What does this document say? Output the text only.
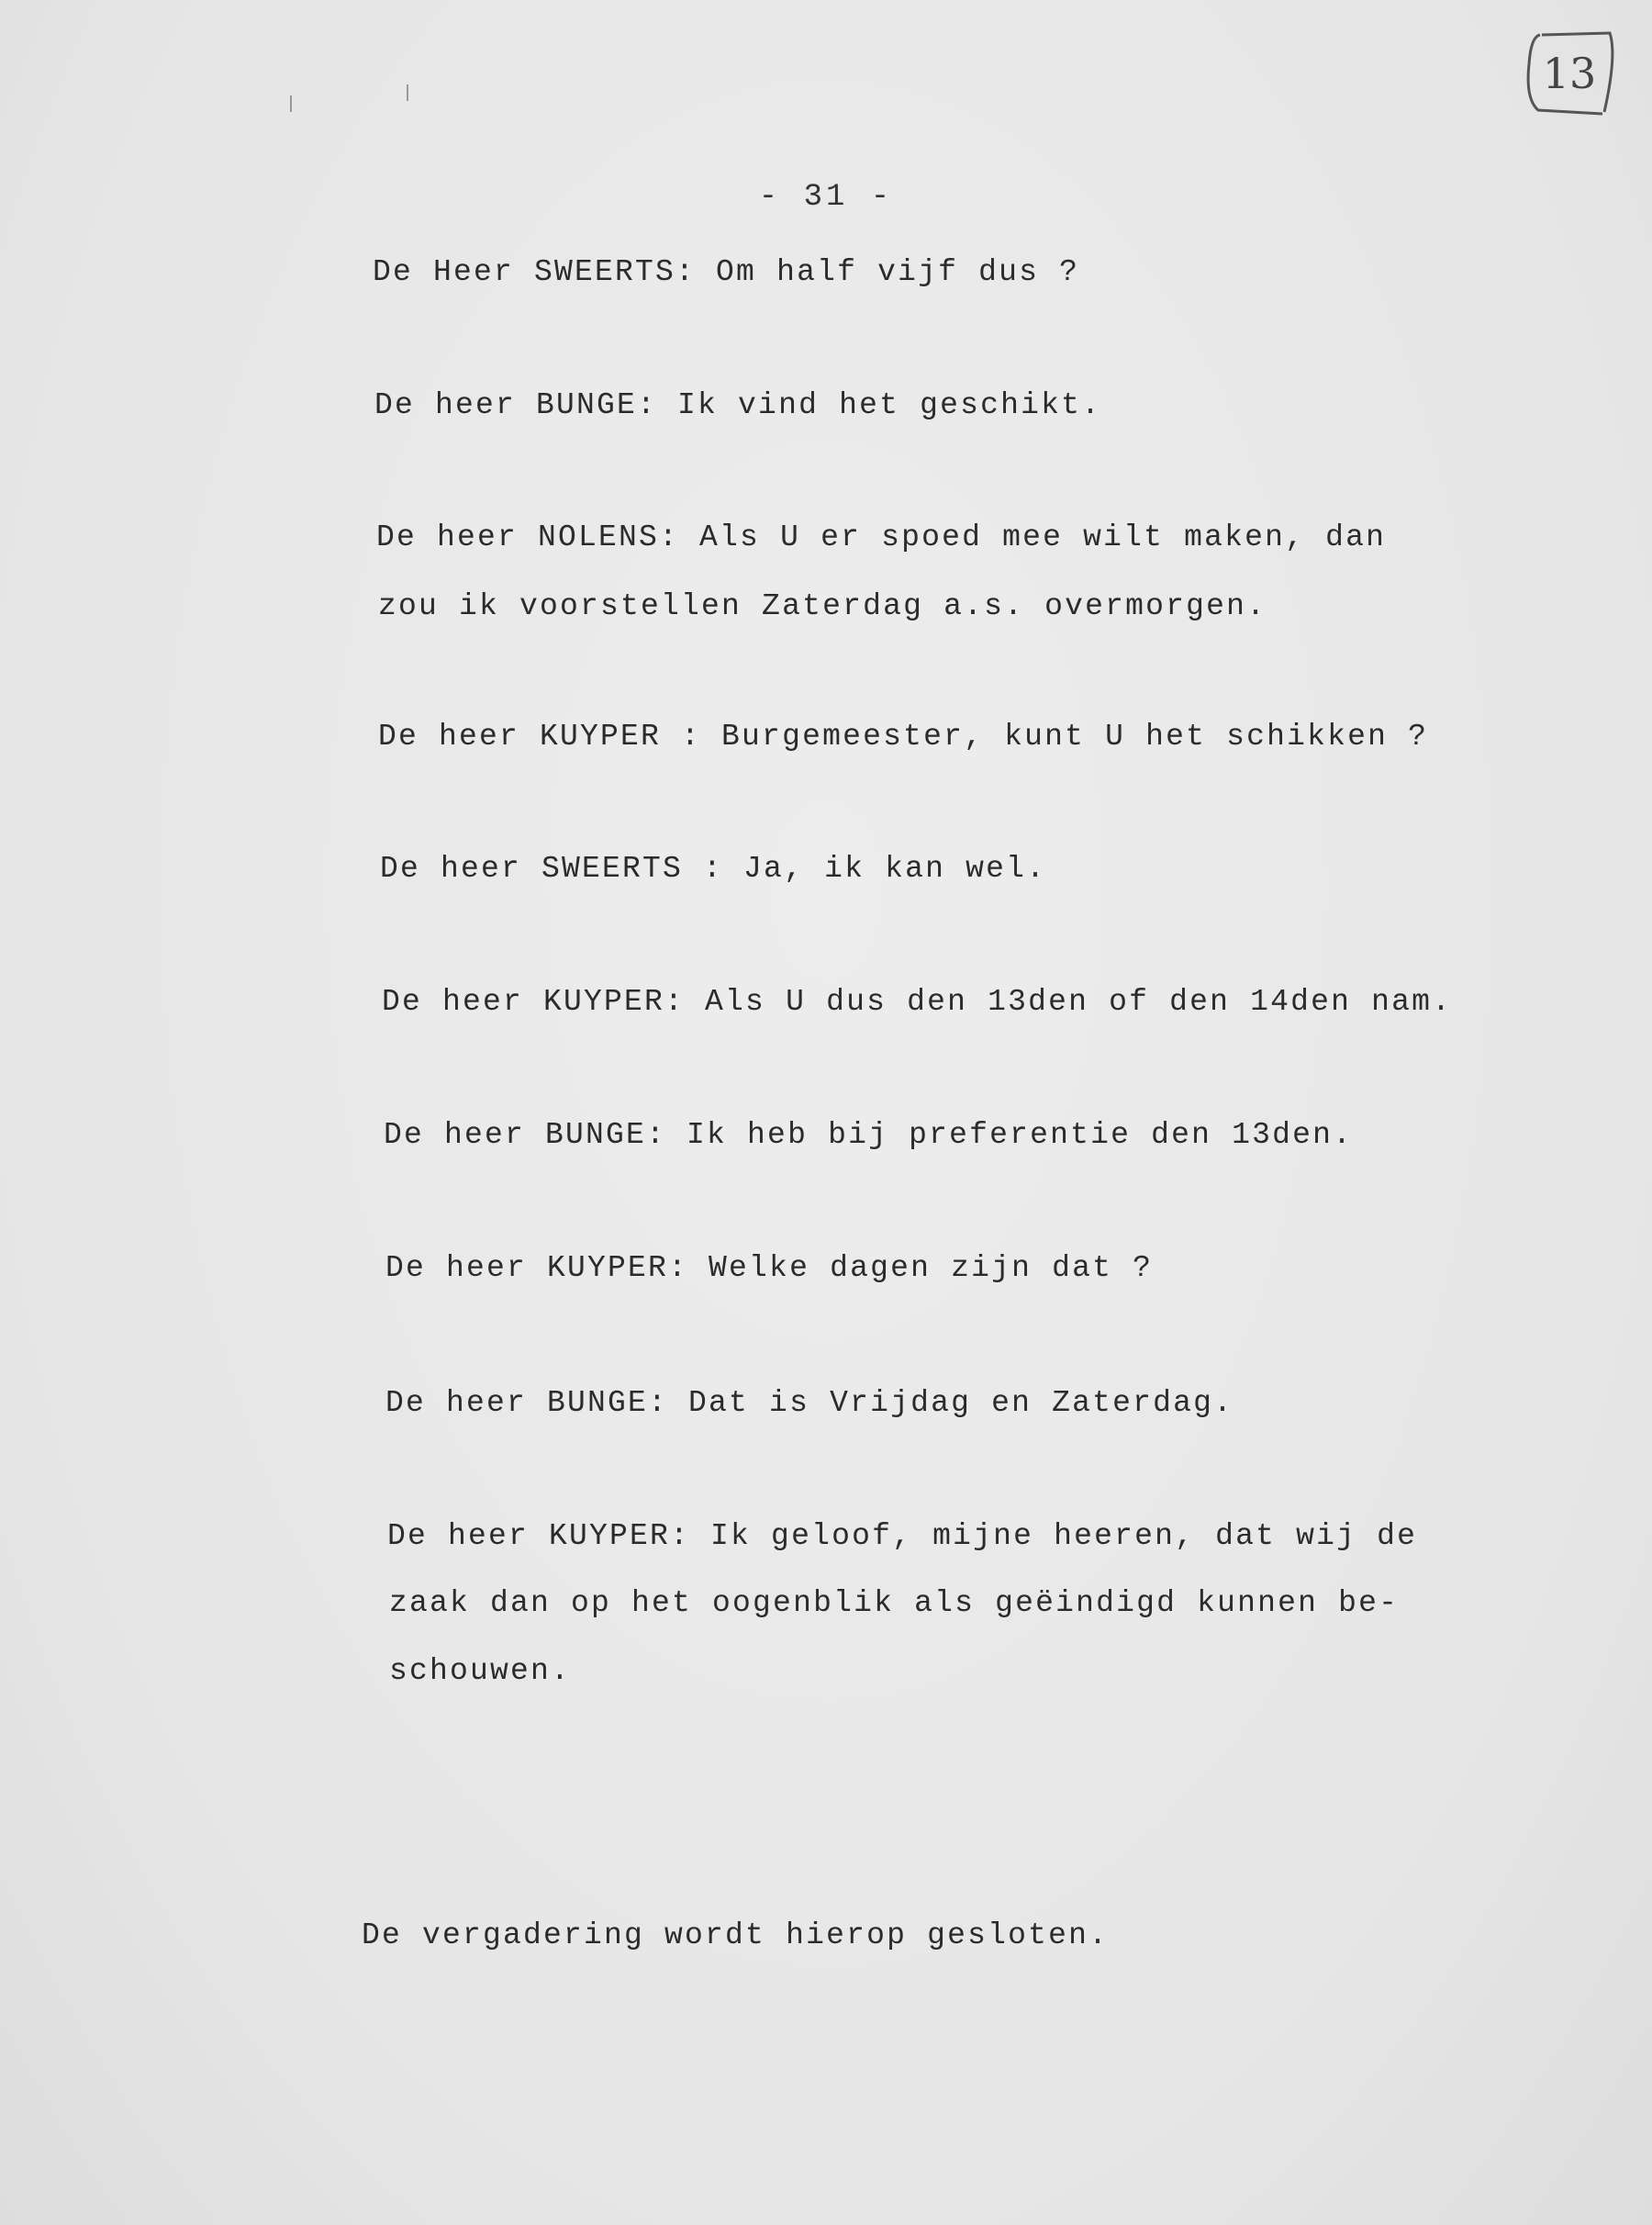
13
- 31 -
De Heer SWEERTS: Om half vijf dus ?
De heer BUNGE: Ik vind het geschikt.
De heer NOLENS: Als U er spoed mee wilt maken, dan
zou ik voorstellen Zaterdag a.s. overmorgen.
De heer KUYPER : Burgemeester, kunt U het schikken ?
De heer SWEERTS : Ja, ik kan wel.
De heer KUYPER: Als U dus den 13den of den 14den nam.
De heer BUNGE: Ik heb bij preferentie den 13den.
De heer KUYPER: Welke dagen zijn dat ?
De heer BUNGE: Dat is Vrijdag en Zaterdag.
De heer KUYPER: Ik geloof, mijne heeren, dat wij de
zaak dan op het oogenblik als geëindigd kunnen be-
schouwen.
De vergadering wordt hierop gesloten.
